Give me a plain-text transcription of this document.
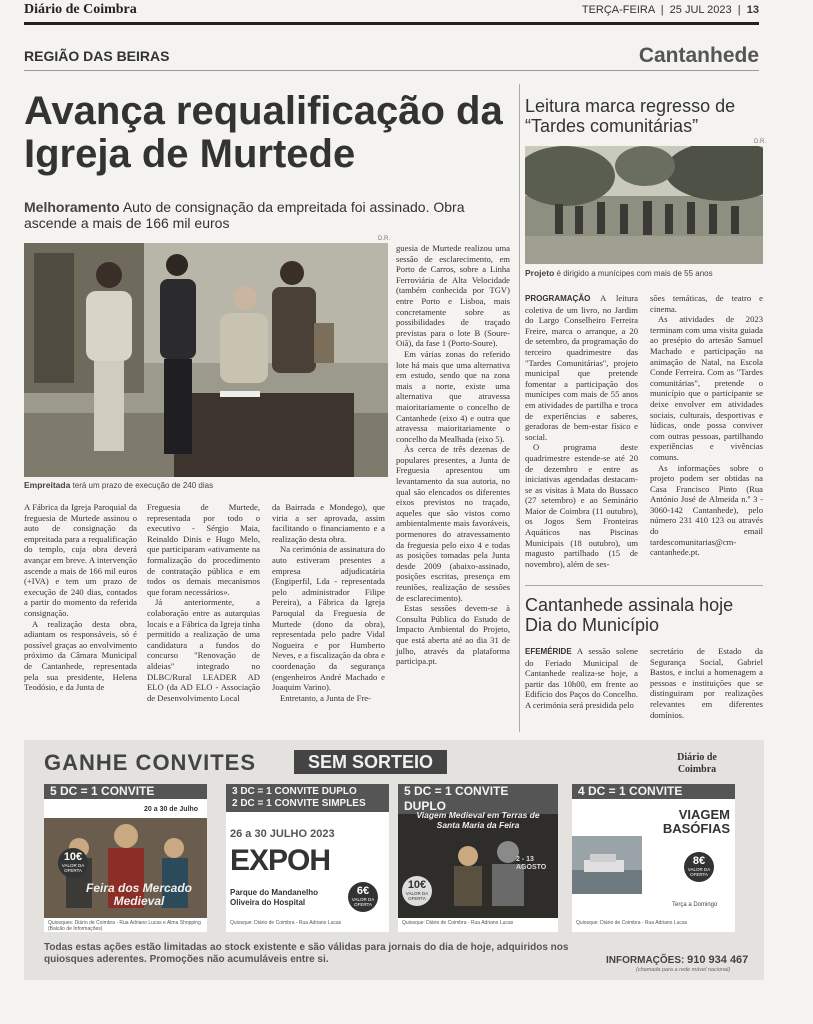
Diário de Coimbra	TERÇA-FEIRA  |  25 JUL 2023  |  13
REGIÃO DAS BEIRAS	Cantanhede
Avança requalificação da Igreja de Murtede
Melhoramento Auto de consignação da empreitada foi assinado. Obra ascende a mais de 166 mil euros
D.R.
Empreitada terá um prazo de execução de 240 dias

A Fábrica da Igreja Paroquial da freguesia de Murtede assinou o auto de consignação da empreitada para a requalificação do templo, cuja obra deverá avançar em breve. A intervenção ascende a mais de 166 mil euros (+IVA) e tem um prazo de execução de 240 dias, contados a partir do momento da referida consignação.

A realização desta obra, adiantam os responsáveis, só é possível graças ao envolvimento próximo da Câmara Municipal de Cantanhede, representada pela sua presidente, Helena Teodósio, e da Junta de

Freguesia de Murtede, representada por todo o executivo - Sérgio Maia, Reinaldo Dinis e Hugo Melo, que participaram «ativamente na formalização do procedimento de contratação pública e em todos os demais mecanismos que foram necessários».

Já anteriormente, a colaboração entre as autarquias locais e a Fábrica da Igreja tinha permitido a realização de uma candidatura a fundos do concurso "Renovação de aldeias" integrado no DLBC/Rural LEADER AD ELO (da AD ELO - Associação de Desenvolvimento Local

da Bairrada e Mondego), que viria a ser aprovada, assim facilitando o financiamento e a realização desta obra.

Na cerimónia de assinatura do auto estiveram presentes a empresa adjudicatária (Engiperfil, Lda - representada pelo administrador Filipe Pereira), a Fábrica da Igreja Paroquial da Freguesia de Murtede (dono da obra), representada pelo padre Vidal Nogueira e por Humberto Neves, e a fiscalização da obra e coordenação da segurança (engenheiros André Machado e Joaquim Varino).

Entretanto, a Junta de Fre-

guesia de Murtede realizou uma sessão de esclarecimento, em Porto de Carros, sobre a Linha Ferroviária de Alta Velocidade (também conhecida por TGV) entre Porto e Lisboa, mais concretamente sobre as possibilidades de traçado previstas para o lote B (Soure-Oiã), da fase 1 (Porto-Soure).

Em várias zonas do referido lote há mais que uma alternativa em estudo, sendo que na zona mais a norte, existe uma alternativa que atravessa maioritariamente o concelho de Cantanhede (eixo 4) e outra que atravessa maioritariamente o concelho da Mealhada (eixo 5).

Às cerca de três dezenas de populares presentes, a Junta de Freguesia apresentou um levantamento da sua autoria, no qual são elencados os diferentes eixos previstos no traçado, aqueles que são vistos como ambientalmente mais favoráveis, pormenores do atravessamento da freguesia pelo eixo 4 e todas as posições tomadas pela Junta desde 2009 (abaixo-assinado, posições escritas, presença em reuniões, realização de sessões de esclarecimento).

Estas sessões devem-se à Consulta Pública do Estudo de Impacto Ambiental do Projeto, que está aberta até ao dia 31 de julho, através da plataforma participa.pt.

Leitura marca regresso de “Tardes comunitárias”
D.R.
Projeto é dirigido a munícipes com mais de 55 anos

PROGRAMAÇÃO A leitura coletiva de um livro, no Jardim do Largo Conselheiro Ferreira Freire, marca o arranque, a 20 de setembro, da programação do terceiro quadrimestre das "Tardes Comunitárias", projeto municipal que pretende fomentar a participação dos munícipes com mais de 55 anos em atividades de partilha e troca de experiências e saberes, geradoras de bem-estar físico e social.

O programa deste quadrimestre estende-se até 20 de dezembro e entre as iniciativas agendadas destacam-se as visitas à Mata do Bussaco (27 setembro) e ao Seminário Maior de Coimbra (11 outubro), os Jogos Sem Fronteiras Aquáticos nas Piscinas Municipais (18 outubro), um magusto partilhado (15 de novembro), além de ses-

sões temáticas, de teatro e cinema.

As atividades de 2023 terminam com uma visita guiada ao presépio do artesão Samuel Machado e participação na animação de Natal, na Escola Conde Ferreira. Com as "Tardes comunitárias", pretende o município que o participante se deixe envolver em atividades sociais, culturais, desportivas e lúdicas, onde possa conviver com outras pessoas, partilhando experiências e vivências comuns.

As informações sobre o projeto podem ser obtidas na Casa Francisco Pinto (Rua António José de Almeida n.º 3 - 3060-142 Cantanhede), pelo número 231 410 123 ou através do email tardescomunitarias@cm-cantanhede.pt.

Cantanhede assinala hoje Dia do Município

EFEMÉRIDE A sessão solene do Feriado Municipal de Cantanhede realiza-se hoje, a partir das 10h00, em frente ao Edifício dos Paços do Concelho. A cerimónia será presidida pelo

secretário de Estado da Segurança Social, Gabriel Bastos, e inclui a homenagem a pessoas e instituições que se distinguiram por realizações relevantes em diferentes domínios.

GANHE CONVITES	SEM SORTEIO	Diário de Coimbra
5 DC = 1 CONVITE
20 a 30 de Julho
Feira dos Mercado Medieval
10€
VALOR DA OFERTA
Quiosques: Diário de Coimbra - Rua Adriano Lucas e Alma Shopping (Balcão de Informações)
3 DC = 1 CONVITE DUPLO
2 DC = 1 CONVITE SIMPLES
26 a 30 JULHO 2023
EXPOH
Parque do Mandanelho Oliveira do Hospital
6€
VALOR DA OFERTA
Quiosque: Diário de Coimbra - Rua Adriano Lucas
5 DC = 1 CONVITE DUPLO
Viagem Medieval em Terras de Santa Maria da Feira
2 - 13 AGOSTO
10€
VALOR DA OFERTA
Quiosque: Diário de Coimbra - Rua Adriano Lucas
4 DC = 1 CONVITE
VIAGEM BASÓFIAS
8€
VALOR DA OFERTA
Terça a Domingo
Quiosque: Diário de Coimbra - Rua Adriano Lucas
Todas estas ações estão limitadas ao stock existente e são válidas para jornais do dia de hoje, adquiridos nos quiosques aderentes. Promoções não acumuláveis entre si.	INFORMAÇÕES: 910 934 467
(chamada para a rede móvel nacional)
